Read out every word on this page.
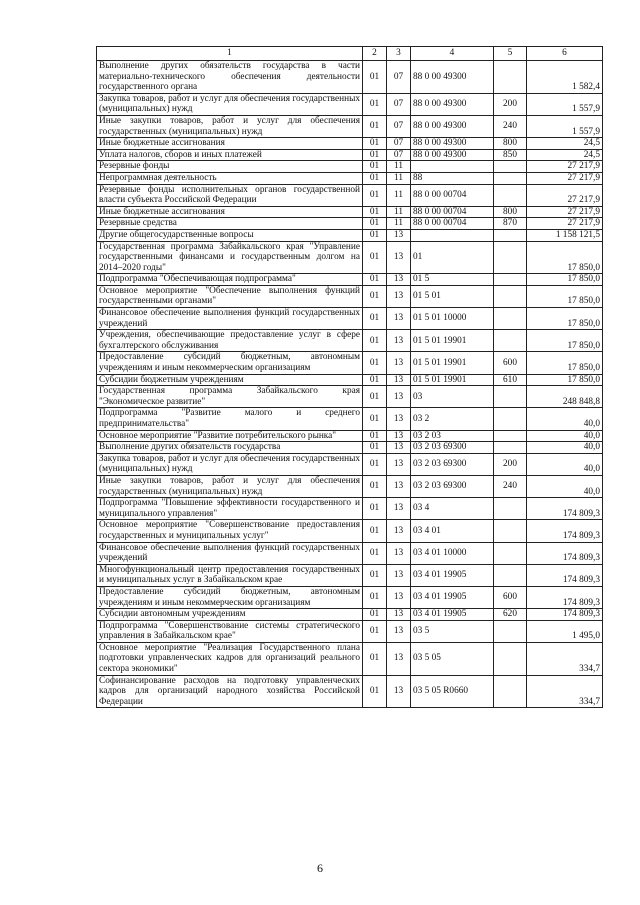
1	2	3	4	5	6
Выполнение других обязательств государства в части материально-технического обеспечения деятельности государственного органа	01	07	88 0 00 49300		1 582,4
Закупка товаров, работ и услуг для обеспечения государственных (муниципальных) нужд	01	07	88 0 00 49300	200	1 557,9
Иные закупки товаров, работ и услуг для обеспечения государственных (муниципальных) нужд	01	07	88 0 00 49300	240	1 557,9
Иные бюджетные ассигнования	01	07	88 0 00 49300	800	24,5
Уплата налогов, сборов и иных платежей	01	07	88 0 00 49300	850	24,5
Резервные фонды	01	11			27 217,9
Непрограммная деятельность	01	11	88		27 217,9
Резервные фонды исполнительных органов государственной власти субъекта Российской Федерации	01	11	88 0 00 00704		27 217,9
Иные бюджетные ассигнования	01	11	88 0 00 00704	800	27 217,9
Резервные средства	01	11	88 0 00 00704	870	27 217,9
Другие общегосударственные вопросы	01	13			1 158 121,5
Государственная программа Забайкальского края "Управление государственными финансами и государственным долгом на 2014–2020 годы"	01	13	01		17 850,0
Подпрограмма "Обеспечивающая подпрограмма"	01	13	01 5		17 850,0
Основное мероприятие "Обеспечение выполнения функций государственными органами"	01	13	01 5 01		17 850,0
Финансовое обеспечение выполнения функций государственных учреждений	01	13	01 5 01 10000		17 850,0
Учреждения, обеспечивающие предоставление услуг в сфере бухгалтерского обслуживания	01	13	01 5 01 19901		17 850,0
Предоставление субсидий бюджетным, автономным учреждениям и иным некоммерческим организациям	01	13	01 5 01 19901	600	17 850,0
Субсидии бюджетным учреждениям	01	13	01 5 01 19901	610	17 850,0
Государственная программа Забайкальского края "Экономическое развитие"	01	13	03		248 848,8
Подпрограмма "Развитие малого и среднего предпринимательства"	01	13	03 2		40,0
Основное мероприятие "Развитие потребительского рынка"	01	13	03 2 03		40,0
Выполнение других обязательств государства	01	13	03 2 03 69300		40,0
Закупка товаров, работ и услуг для обеспечения государственных (муниципальных) нужд	01	13	03 2 03 69300	200	40,0
Иные закупки товаров, работ и услуг для обеспечения государственных (муниципальных) нужд	01	13	03 2 03 69300	240	40,0
Подпрограмма "Повышение эффективности государственного и муниципального управления"	01	13	03 4		174 809,3
Основное мероприятие "Совершенствование предоставления государственных и муниципальных услуг"	01	13	03 4 01		174 809,3
Финансовое обеспечение выполнения функций государственных учреждений	01	13	03 4 01 10000		174 809,3
Многофункциональный центр предоставления государственных и муниципальных услуг в Забайкальском крае	01	13	03 4 01 19905		174 809,3
Предоставление субсидий бюджетным, автономным учреждениям и иным некоммерческим организациям	01	13	03 4 01 19905	600	174 809,3
Субсидии автономным учреждениям	01	13	03 4 01 19905	620	174 809,3
Подпрограмма "Совершенствование системы стратегического управления в Забайкальском крае"	01	13	03 5		1 495,0
Основное мероприятие "Реализация Государственного плана подготовки управленческих кадров для организаций реального сектора экономики"	01	13	03 5 05		334,7
Софинансирование расходов на подготовку управленческих кадров для организаций народного хозяйства Российской Федерации	01	13	03 5 05 R0660		334,7
6
